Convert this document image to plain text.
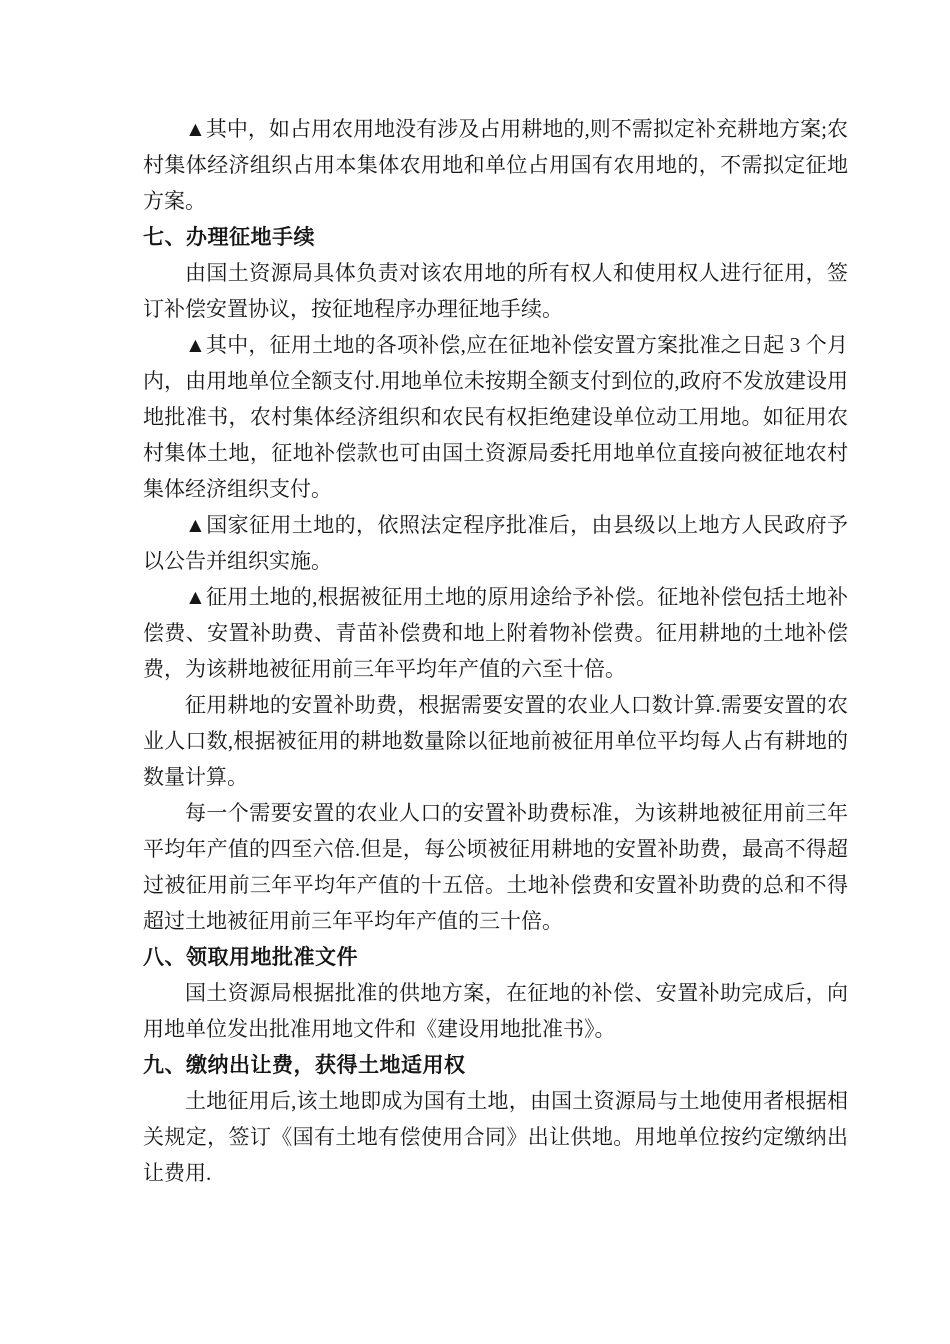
▲其中，如占用农用地没有涉及占用耕地的,则不需拟定补充耕地方案;农村集体经济组织占用本集体农用地和单位占用国有农用地的，不需拟定征地方案。

七、办理征地手续

由国土资源局具体负责对该农用地的所有权人和使用权人进行征用，签订补偿安置协议，按征地程序办理征地手续。

▲其中，征用土地的各项补偿,应在征地补偿安置方案批准之日起 3 个月内，由用地单位全额支付.用地单位未按期全额支付到位的,政府不发放建设用地批准书，农村集体经济组织和农民有权拒绝建设单位动工用地。如征用农村集体土地，征地补偿款也可由国土资源局委托用地单位直接向被征地农村集体经济组织支付。

▲国家征用土地的，依照法定程序批准后，由县级以上地方人民政府予以公告并组织实施。

▲征用土地的,根据被征用土地的原用途给予补偿。征地补偿包括土地补偿费、安置补助费、青苗补偿费和地上附着物补偿费。征用耕地的土地补偿费，为该耕地被征用前三年平均年产值的六至十倍。

征用耕地的安置补助费，根据需要安置的农业人口数计算.需要安置的农业人口数,根据被征用的耕地数量除以征地前被征用单位平均每人占有耕地的数量计算。

每一个需要安置的农业人口的安置补助费标准，为该耕地被征用前三年平均年产值的四至六倍.但是，每公顷被征用耕地的安置补助费，最高不得超过被征用前三年平均年产值的十五倍。土地补偿费和安置补助费的总和不得超过土地被征用前三年平均年产值的三十倍。

八、领取用地批准文件

国土资源局根据批准的供地方案，在征地的补偿、安置补助完成后，向用地单位发出批准用地文件和《建设用地批准书》。

九、缴纳出让费，获得土地适用权

土地征用后,该土地即成为国有土地，由国土资源局与土地使用者根据相关规定，签订《国有土地有偿使用合同》出让供地。用地单位按约定缴纳出让费用.
